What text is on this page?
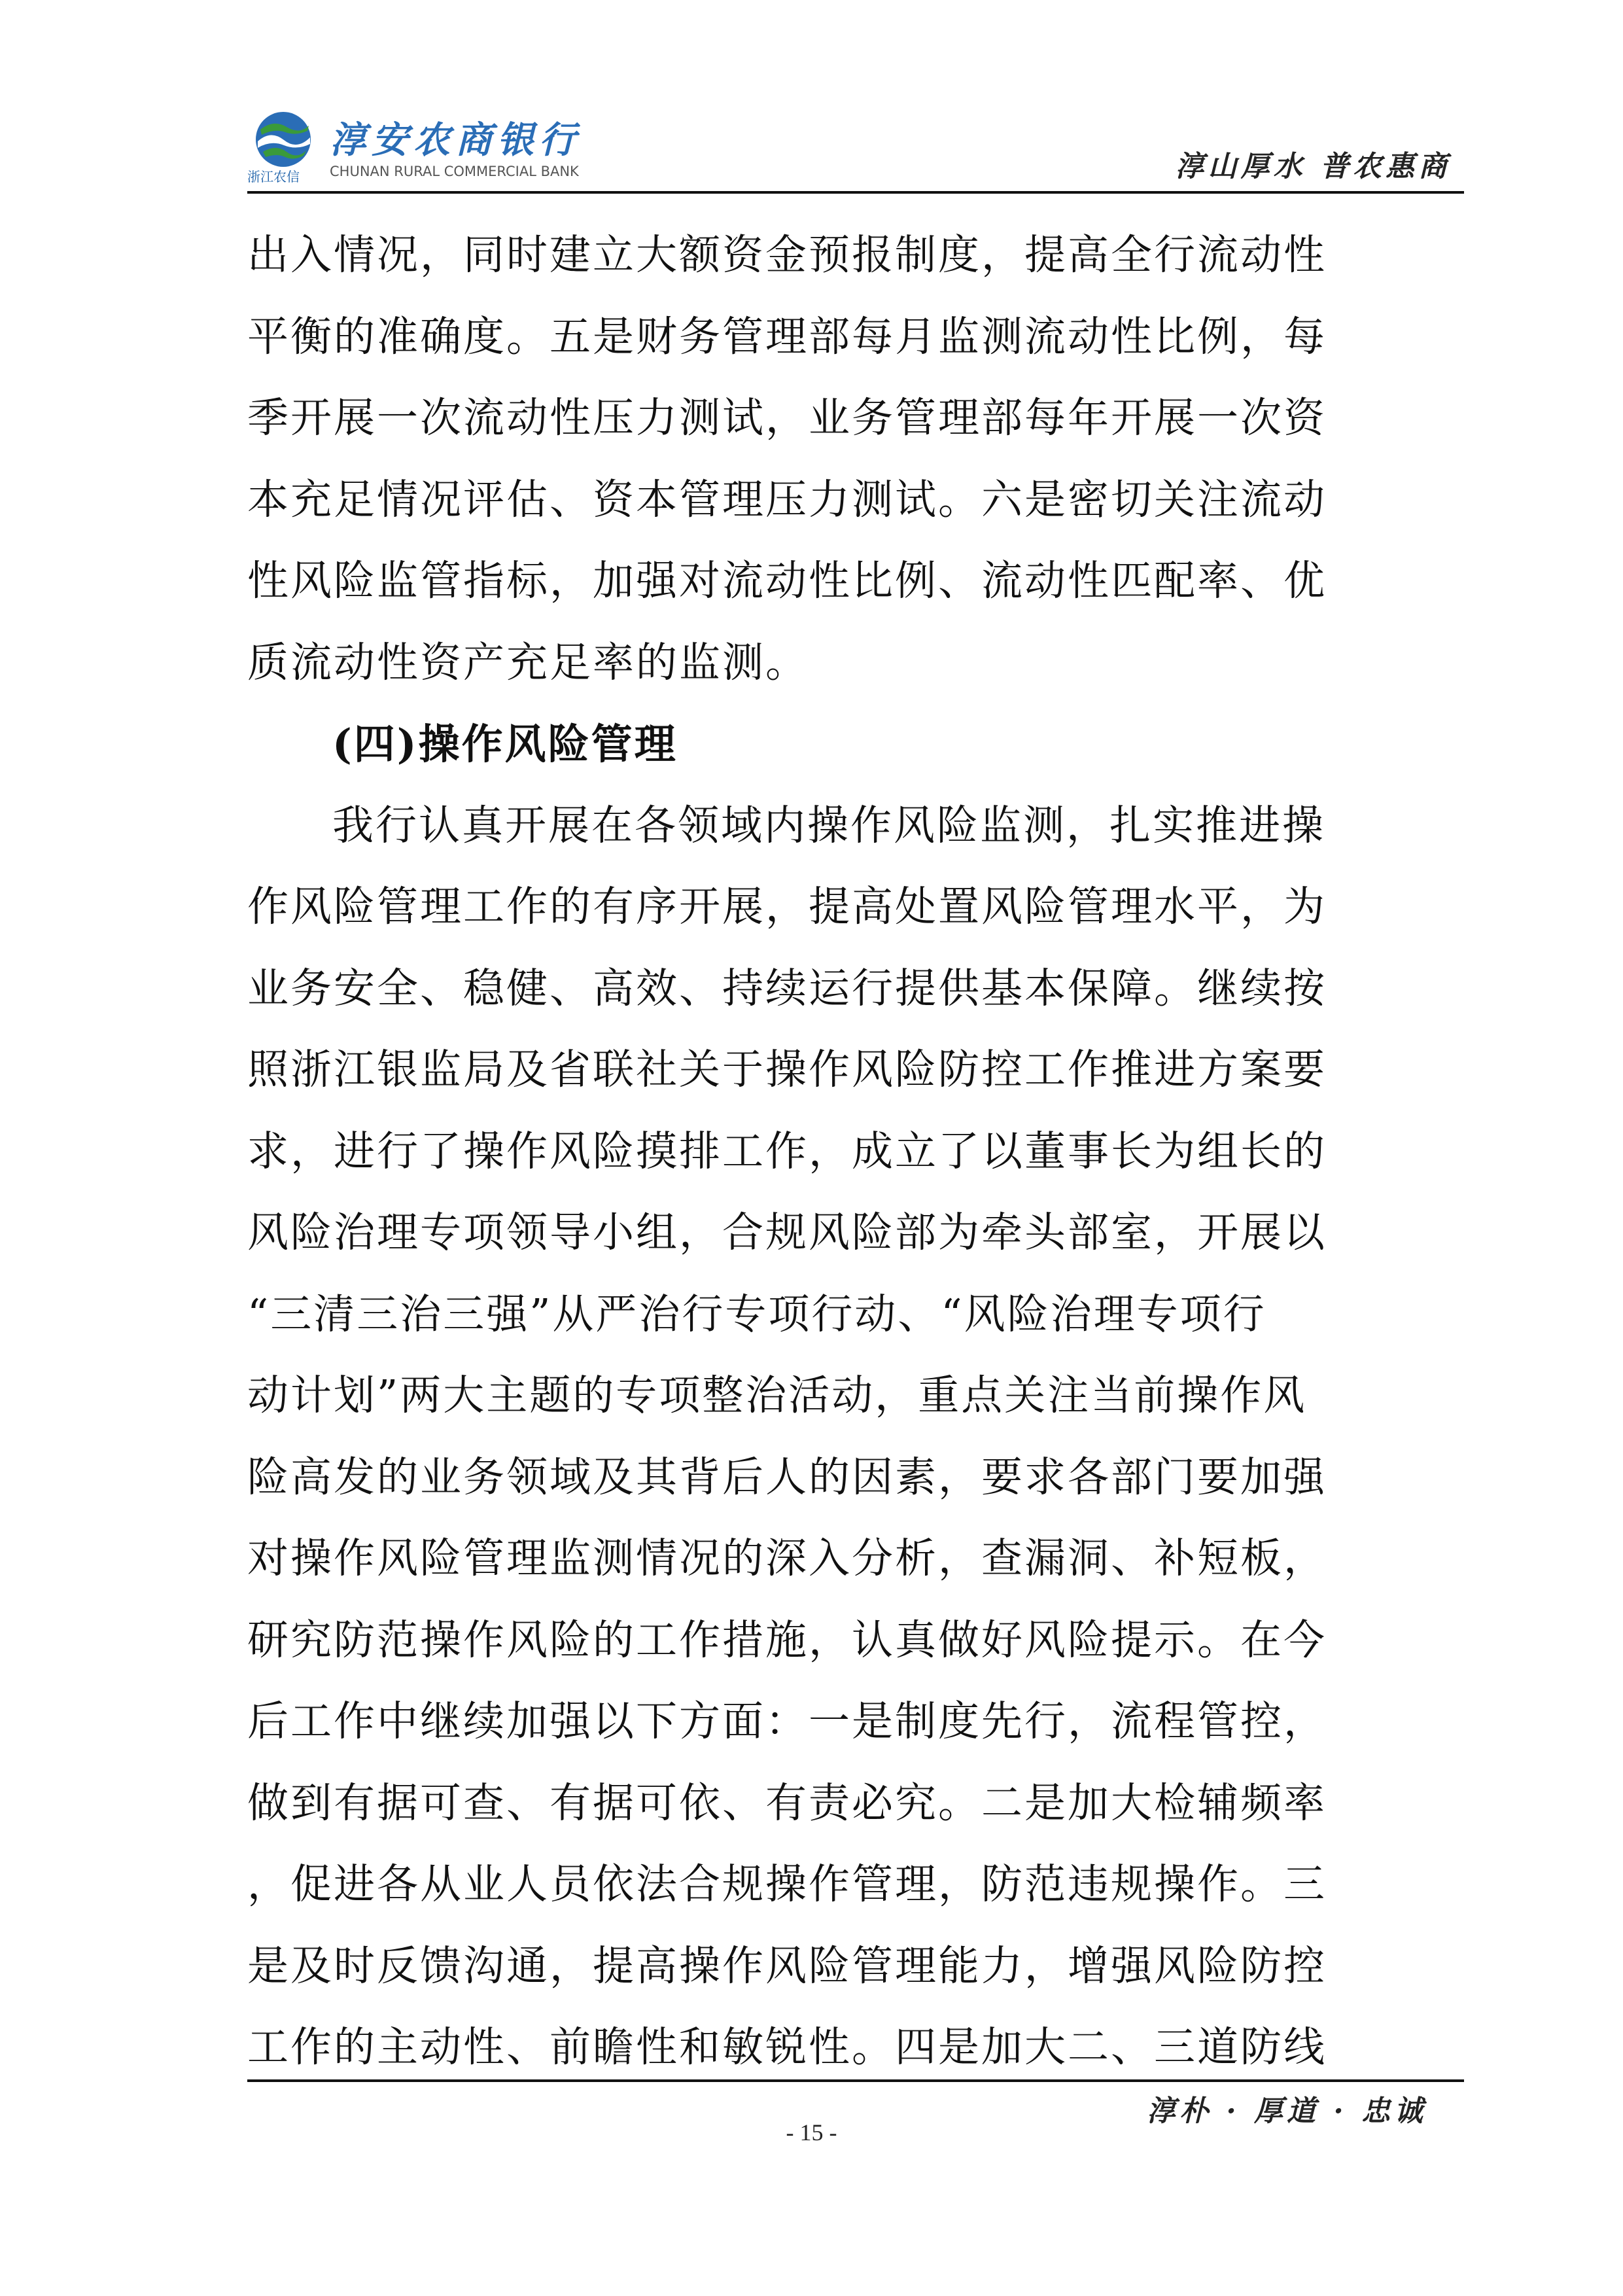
浙江农信
淳安农商银行
CHUNAN RURAL COMMERCIAL BANK	淳山厚水 普农惠商
出入情况，同时建立大额资金预报制度，提高全行流动性
平衡的准确度。五是财务管理部每月监测流动性比例，每
季开展一次流动性压力测试，业务管理部每年开展一次资
本充足情况评估、资本管理压力测试。六是密切关注流动
性风险监管指标，加强对流动性比例、流动性匹配率、优
质流动性资产充足率的监测。
(四)操作风险管理
我行认真开展在各领域内操作风险监测，扎实推进操
作风险管理工作的有序开展，提高处置风险管理水平，为
业务安全、稳健、高效、持续运行提供基本保障。继续按
照浙江银监局及省联社关于操作风险防控工作推进方案要
求，进行了操作风险摸排工作，成立了以董事长为组长的
风险治理专项领导小组，合规风险部为牵头部室，开展以
“三清三治三强”从严治行专项行动、“风险治理专项行
动计划”两大主题的专项整治活动，重点关注当前操作风
险高发的业务领域及其背后人的因素，要求各部门要加强
对操作风险管理监测情况的深入分析，查漏洞、补短板，
研究防范操作风险的工作措施，认真做好风险提示。在今
后工作中继续加强以下方面：一是制度先行，流程管控，
做到有据可查、有据可依、有责必究。二是加大检辅频率
，促进各从业人员依法合规操作管理，防范违规操作。三
是及时反馈沟通，提高操作风险管理能力，增强风险防控
工作的主动性、前瞻性和敏锐性。四是加大二、三道防线
淳朴 · 厚道 · 忠诚
- 15 -
